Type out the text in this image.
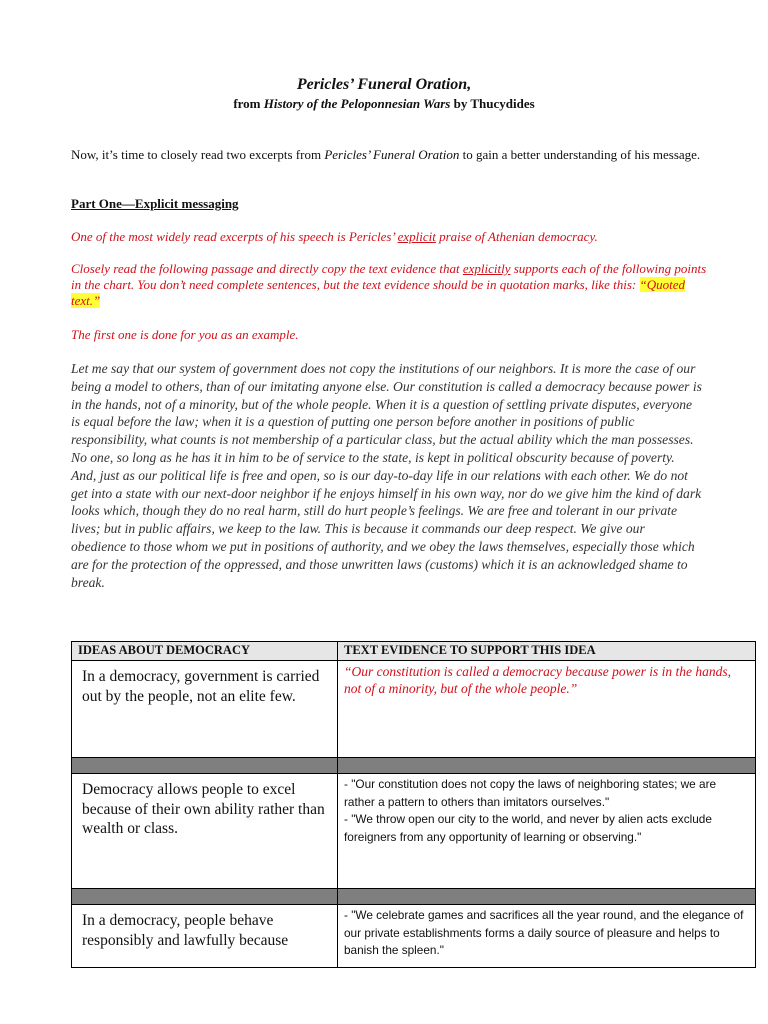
Pericles’ Funeral Oration,
from History of the Peloponnesian Wars by Thucydides
Now, it’s time to closely read two excerpts from Pericles’ Funeral Oration to gain a better understanding of his message.
Part One—Explicit messaging
One of the most widely read excerpts of his speech is Pericles’ explicit praise of Athenian democracy.
Closely read the following passage and directly copy the text evidence that explicitly supports each of the following points in the chart. You don’t need complete sentences, but the text evidence should be in quotation marks, like this: “Quoted text.”
The first one is done for you as an example.
Let me say that our system of government does not copy the institutions of our neighbors. It is more the case of our being a model to others, than of our imitating anyone else. Our constitution is called a democracy because power is in the hands, not of a minority, but of the whole people. When it is a question of settling private disputes, everyone is equal before the law; when it is a question of putting one person before another in positions of public responsibility, what counts is not membership of a particular class, but the actual ability which the man possesses. No one, so long as he has it in him to be of service to the state, is kept in political obscurity because of poverty. And, just as our political life is free and open, so is our day-to-day life in our relations with each other. We do not get into a state with our next-door neighbor if he enjoys himself in his own way, nor do we give him the kind of dark looks which, though they do no real harm, still do hurt people’s feelings. We are free and tolerant in our private lives; but in public affairs, we keep to the law. This is because it commands our deep respect. We give our obedience to those whom we put in positions of authority, and we obey the laws themselves, especially those which are for the protection of the oppressed, and those unwritten laws (customs) which it is an acknowledged shame to break.
IDEAS ABOUT DEMOCRACY	TEXT EVIDENCE TO SUPPORT THIS IDEA
In a democracy, government is carried out by the people, not an elite few.	“Our constitution is called a democracy because power is in the hands, not of a minority, but of the whole people.”

Democracy allows people to excel because of their own ability rather than wealth or class.	- "Our constitution does not copy the laws of neighboring states; we are rather a pattern to others than imitators ourselves."
- "We throw open our city to the world, and never by alien acts exclude foreigners from any opportunity of learning or observing."

In a democracy, people behave responsibly and lawfully because	- "We celebrate games and sacrifices all the year round, and the elegance of our private establishments forms a daily source of pleasure and helps to banish the spleen."
